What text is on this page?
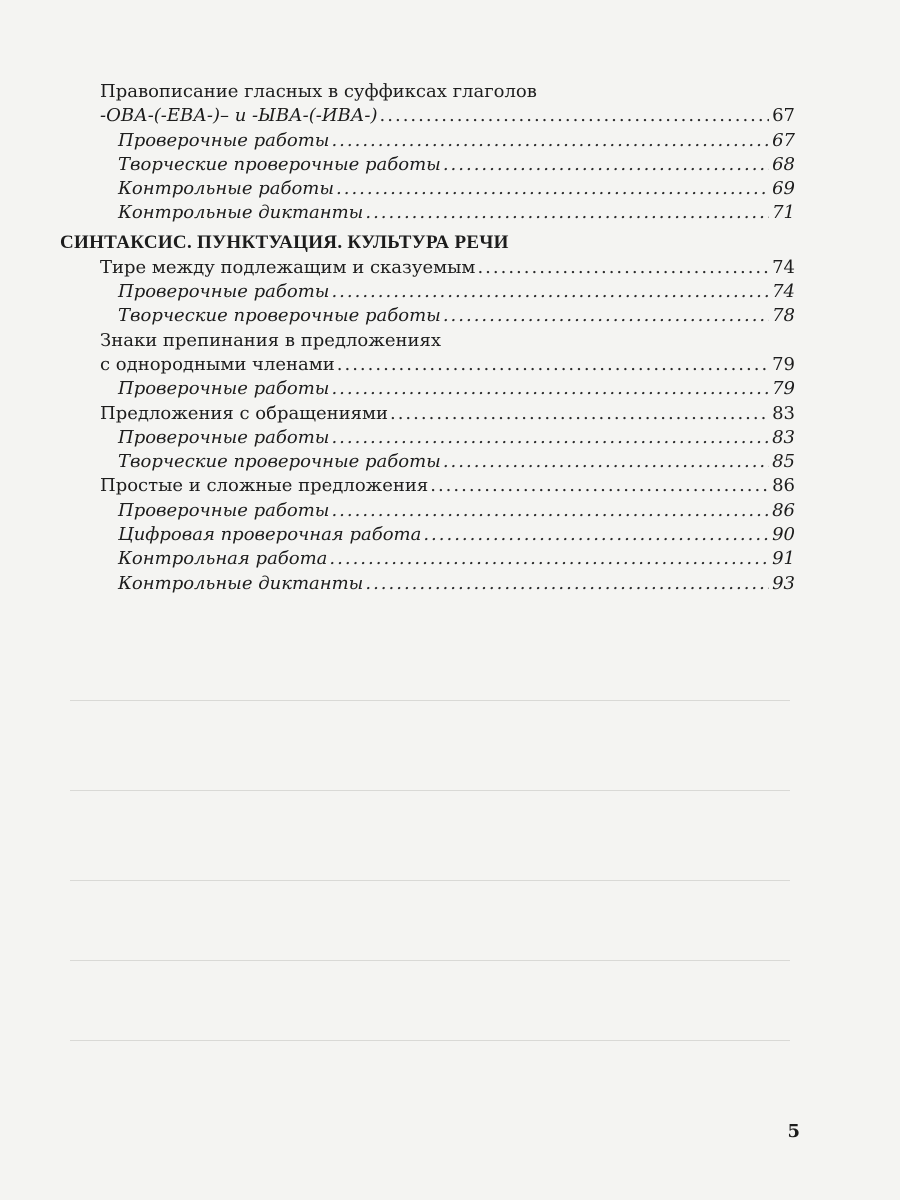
Правописание гласных в суффиксах глаголов
-ОВА-(-ЕВА-)– и -ЫВА-(-ИВА-) .....	67
Проверочные работы .....	67
Творческие проверочные работы .....	68
Контрольные работы .....	69
Контрольные диктанты .....	71
СИНТАКСИС. ПУНКТУАЦИЯ. КУЛЬТУРА РЕЧИ
Тире между подлежащим и сказуемым .....	74
Проверочные работы .....	74
Творческие проверочные работы .....	78
Знаки препинания в предложениях
с однородными членами .....	79
Проверочные работы .....	79
Предложения с обращениями .....	83
Проверочные работы .....	83
Творческие проверочные работы .....	85
Простые и сложные предложения .....	86
Проверочные работы .....	86
Цифровая проверочная работа .....	90
Контрольная работа .....	91
Контрольные диктанты .....	93
5
